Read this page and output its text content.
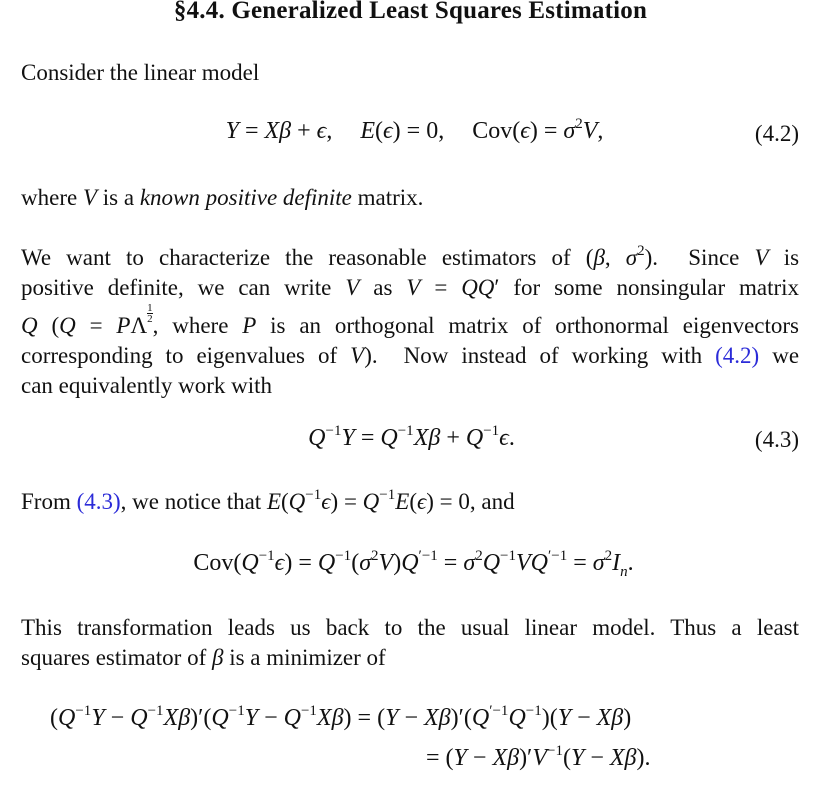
§4.4. Generalized Least Squares Estimation
Consider the linear model
Y = Xβ + ϵ, E(ϵ) = 0, $Cov(\epsilon) = \sigma^2V$,	(4.2)
where V is a known positive definite matrix.
We want to characterize the reasonable estimators of (β, $\sigma^2$).  Since V is
positive definite, we can write V as V = QQ′ for some nonsingular matrix
Q (Q = PΛ $\frac{1}{2}$ , where P is an orthogonal matrix of orthonormal eigenvectors
corresponding to eigenvalues of V).  Now instead of working with (4.2) we
can equivalently work with
$Q^{-1}Y = Q^{-1}X\beta + Q^{-1}\epsilon$.	(4.3)
From (4.3), we notice that $E(Q^{-1}\epsilon) = Q^{-1}E(\epsilon) = 0$, and
$Cov(Q^{-1}\epsilon) = Q^{-1}(\sigma^2V)Q^{'-1} = \sigma^2Q^{-1}VQ^{'-1} = \sigma^2I_n$.
This transformation leads us back to the usual linear model. Thus a least
squares estimator of β is a minimizer of
$(Q^{-1}Y - Q^{-1}X\beta)'(Q^{-1}Y - Q^{-1}X\beta) = (Y - X\beta)'(Q^{'-1}Q^{-1})(Y - X\beta)$
= $(Y - X\beta)'V^{-1}(Y - X\beta)$.
